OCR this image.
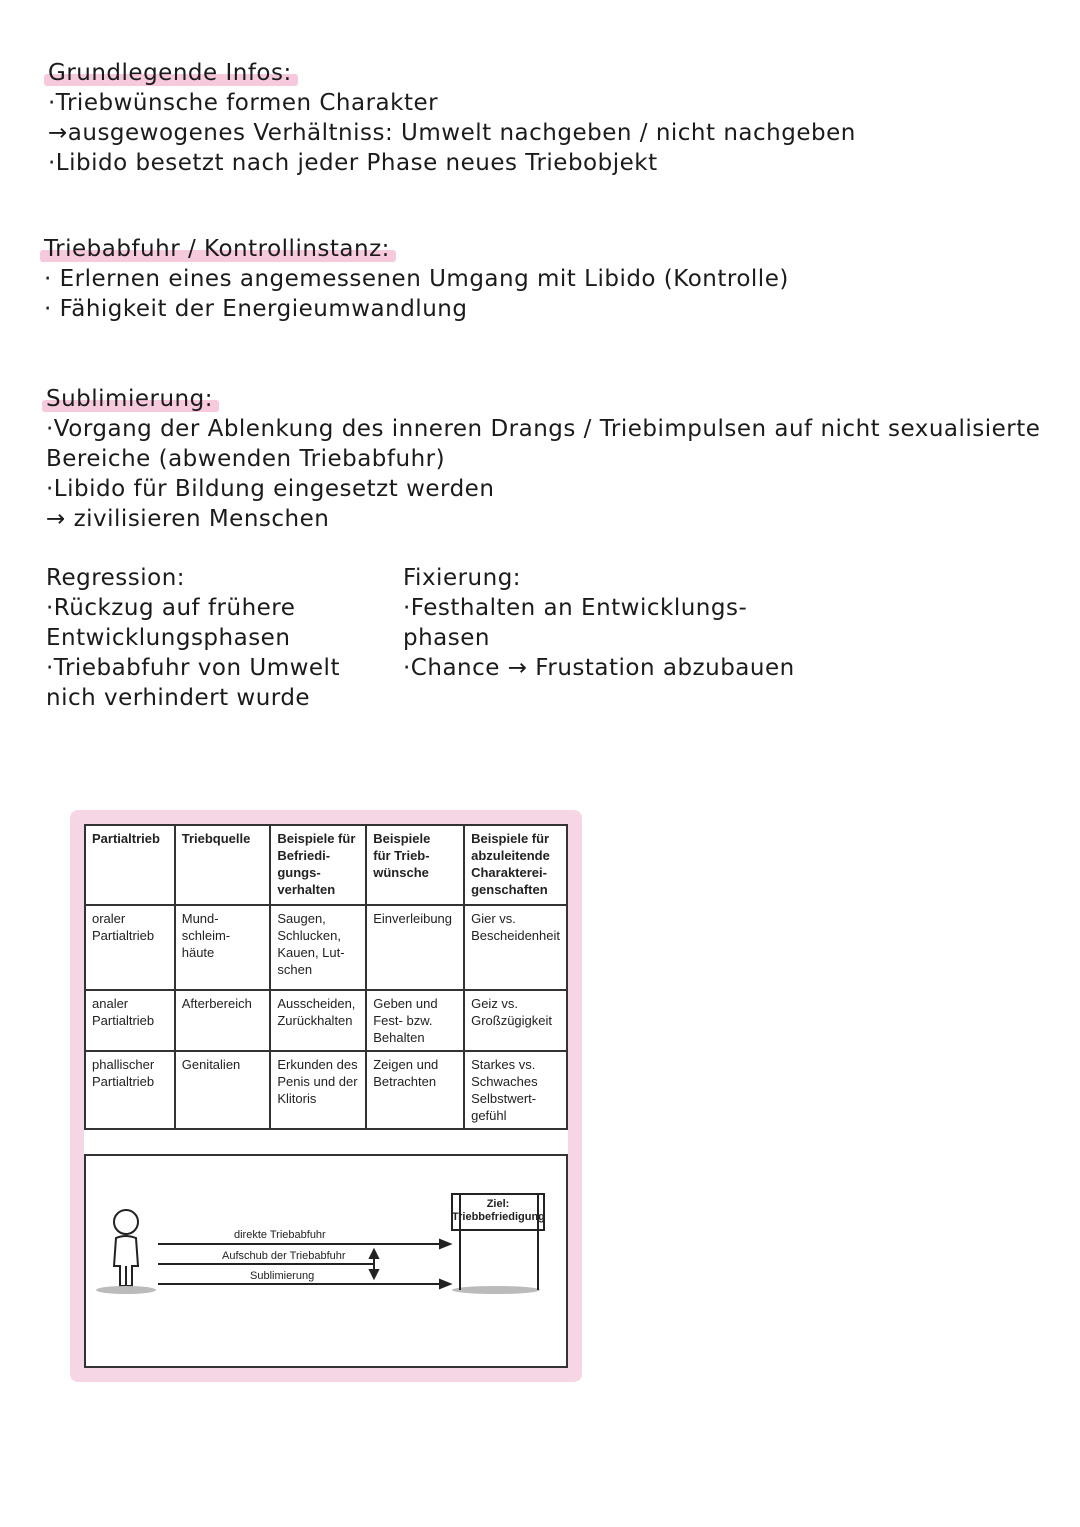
Grundlegende Infos:
·Triebwünsche formen Charakter
→ausgewogenes Verhältniss: Umwelt nachgeben / nicht nachgeben
·Libido besetzt nach jeder Phase neues Triebobjekt
Triebabfuhr / Kontrollinstanz:
· Erlernen eines angemessenen Umgang mit Libido (Kontrolle)
· Fähigkeit der Energieumwandlung
Sublimierung:
·Vorgang der Ablenkung des inneren Drangs / Triebimpulsen auf nicht sexualisierte
Bereiche (abwenden Triebabfuhr)
·Libido für Bildung eingesetzt werden
→ zivilisieren Menschen
Regression:
·Rückzug auf frühere
Entwicklungsphasen
·Triebabfuhr von Umwelt
nich verhindert wurde
Fixierung:
·Festhalten an Entwicklungs-
phasen
·Chance → Frustation abzubauen
Partialtrieb	Triebquelle	Beispiele für
Befriedi-
gungs-
verhalten	Beispiele
für Trieb-
wünsche	Beispiele für
abzuleitende
Charakterei-
genschaften
oraler
Partialtrieb	Mund-
schleim-
häute	Saugen,
Schlucken,
Kauen, Lut-
schen	Einverleibung	Gier vs.
Bescheidenheit
analer
Partialtrieb	Afterbereich	Ausscheiden,
Zurückhalten	Geben und
Fest- bzw.
Behalten	Geiz vs.
Großzügigkeit
phallischer
Partialtrieb	Genitalien	Erkunden des
Penis und der
Klitoris	Zeigen und
Betrachten	Starkes vs.
Schwaches
Selbstwert-
gefühl
direkte Triebabfuhr
Aufschub der Triebabfuhr
Sublimierung
Ziel:
Triebbefriedigung
